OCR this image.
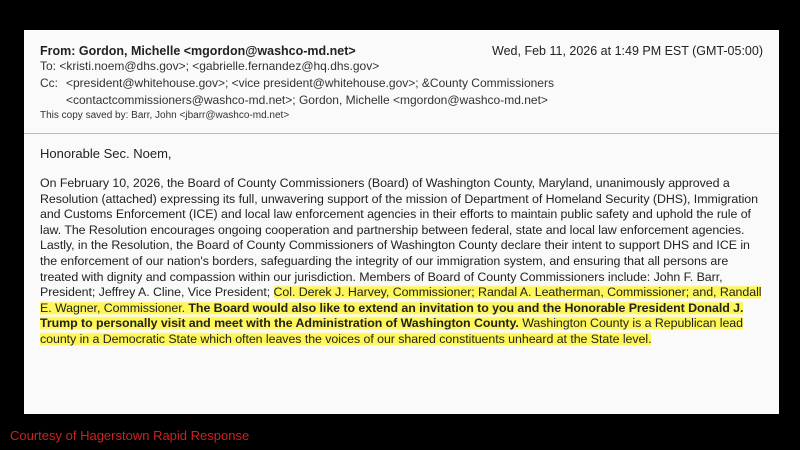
From: Gordon, Michelle <mgordon@washco-md.net>	Wed, Feb 11, 2026 at 1:49 PM EST (GMT-05:00)
To: <kristi.noem@dhs.gov>; <gabrielle.fernandez@hq.dhs.gov>
Cc: <president@whitehouse.gov>; <vice president@whitehouse.gov>; &County Commissioners
<contactcommissioners@washco-md.net>; Gordon, Michelle <mgordon@washco-md.net>
This copy saved by: Barr, John <jbarr@washco-md.net>
Honorable Sec. Noem,
On February 10, 2026, the Board of County Commissioners (Board) of Washington County, Maryland, unanimously approved a Resolution (attached) expressing its full, unwavering support of the mission of Department of Homeland Security (DHS), Immigration and Customs Enforcement (ICE) and local law enforcement agencies in their efforts to maintain public safety and uphold the rule of law. The Resolution encourages ongoing cooperation and partnership between federal, state and local law enforcement agencies. Lastly, in the Resolution, the Board of County Commissioners of Washington County declare their intent to support DHS and ICE in the enforcement of our nation's borders, safeguarding the integrity of our immigration system, and ensuring that all persons are treated with dignity and compassion within our jurisdiction. Members of Board of County Commissioners include: John F. Barr, President; Jeffrey A. Cline, Vice President; Col. Derek J. Harvey, Commissioner; Randal A. Leatherman, Commissioner; and, Randall E. Wagner, Commissioner. The Board would also like to extend an invitation to you and the Honorable President Donald J. Trump to personally visit and meet with the Administration of Washington County. Washington County is a Republican lead county in a Democratic State which often leaves the voices of our shared constituents unheard at the State level.
Courtesy of Hagerstown Rapid Response
